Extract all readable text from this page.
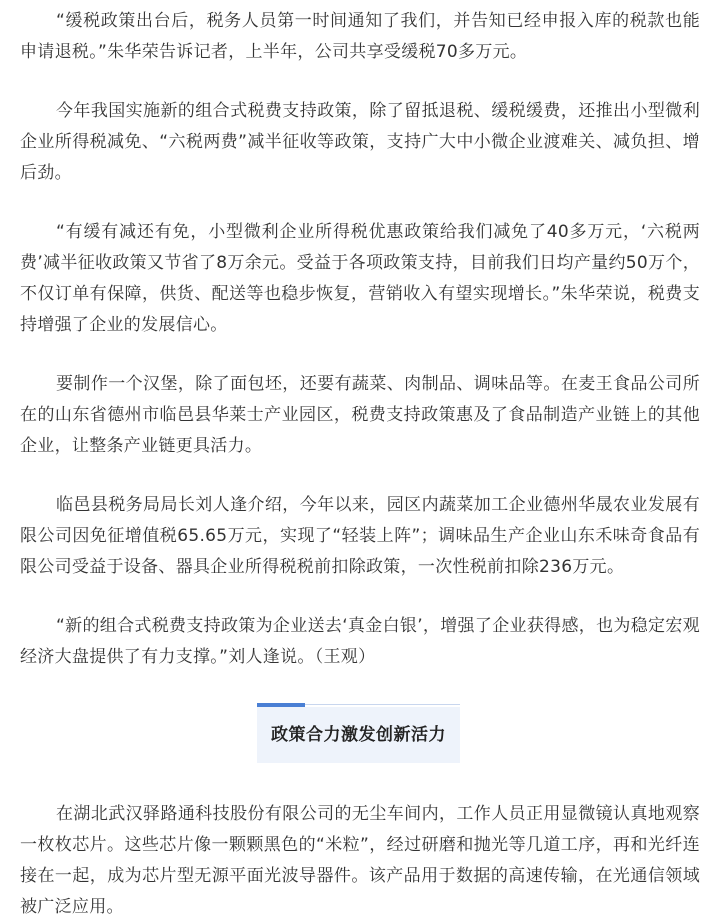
“缓税政策出台后，税务人员第一时间通知了我们，并告知已经申报入库的税款也能申请退税。”朱华荣告诉记者，上半年，公司共享受缓税70多万元。

今年我国实施新的组合式税费支持政策，除了留抵退税、缓税缓费，还推出小型微利企业所得税减免、“六税两费”减半征收等政策，支持广大中小微企业渡难关、减负担、增后劲。

“有缓有减还有免，小型微利企业所得税优惠政策给我们减免了40多万元，‘六税两费’减半征收政策又节省了8万余元。受益于各项政策支持，目前我们日均产量约50万个，不仅订单有保障，供货、配送等也稳步恢复，营销收入有望实现增长。”朱华荣说，税费支持增强了企业的发展信心。

要制作一个汉堡，除了面包坯，还要有蔬菜、肉制品、调味品等。在麦王食品公司所在的山东省德州市临邑县华莱士产业园区，税费支持政策惠及了食品制造产业链上的其他企业，让整条产业链更具活力。

临邑县税务局局长刘人逢介绍，今年以来，园区内蔬菜加工企业德州华晟农业发展有限公司因免征增值税65.65万元，实现了“轻装上阵”；调味品生产企业山东禾味奇食品有限公司受益于设备、器具企业所得税税前扣除政策，一次性税前扣除236万元。

“新的组合式税费支持政策为企业送去‘真金白银’，增强了企业获得感，也为稳定宏观经济大盘提供了有力支撑。”刘人逢说。（王观）

政策合力激发创新活力

在湖北武汉驿路通科技股份有限公司的无尘车间内，工作人员正用显微镜认真地观察一枚枚芯片。这些芯片像一颗颗黑色的“米粒”，经过研磨和抛光等几道工序，再和光纤连接在一起，成为芯片型无源平面光波导器件。该产品用于数据的高速传输，在光通信领域被广泛应用。
